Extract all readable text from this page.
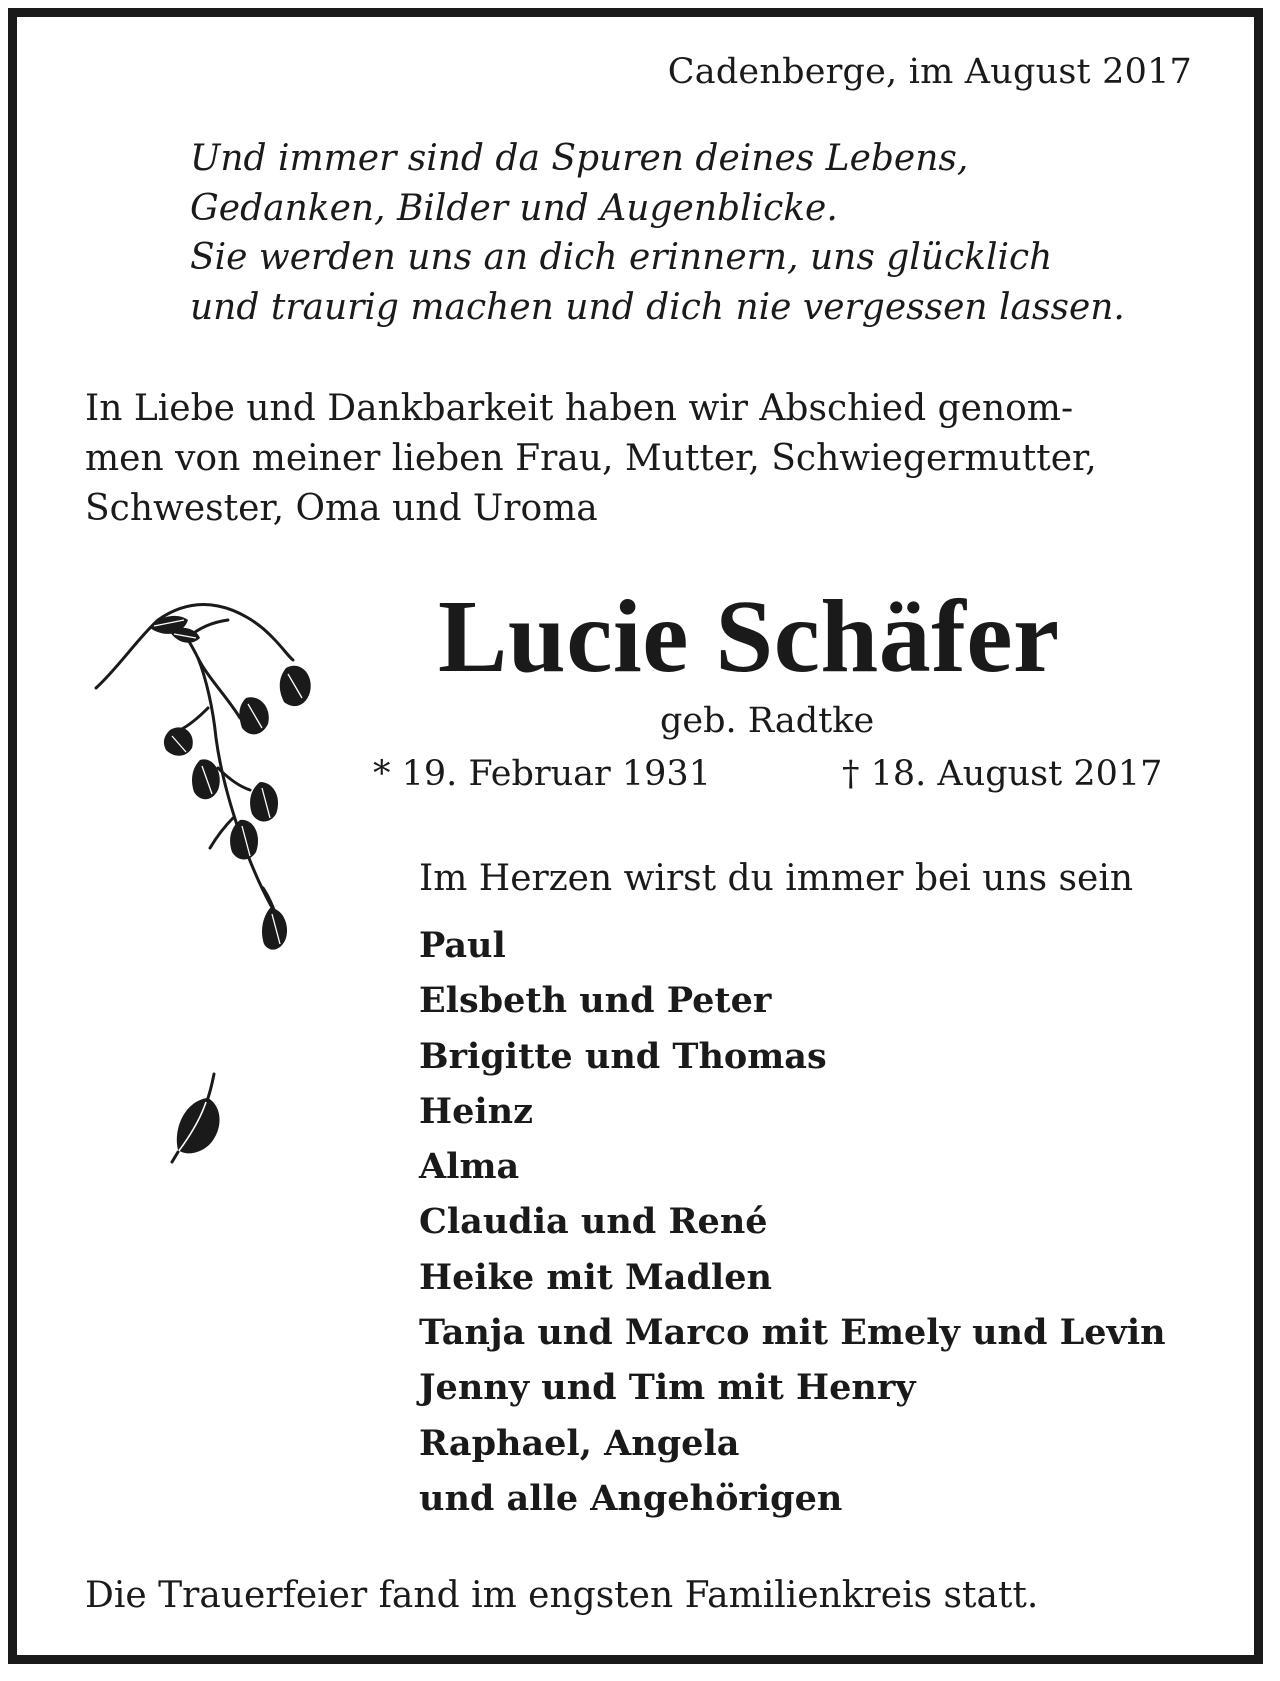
Cadenberge, im August 2017
Und immer sind da Spuren deines Lebens,
Gedanken, Bilder und Augenblicke.
Sie werden uns an dich erinnern, uns glücklich
und traurig machen und dich nie vergessen lassen.
In Liebe und Dankbarkeit haben wir Abschied genom-
men von meiner lieben Frau, Mutter, Schwiegermutter,
Schwester, Oma und Uroma
Lucie Schäfer
geb. Radtke
* 19. Februar 1931	† 18. August 2017
Im Herzen wirst du immer bei uns sein
Paul
Elsbeth und Peter
Brigitte und Thomas
Heinz
Alma
Claudia und René
Heike mit Madlen
Tanja und Marco mit Emely und Levin
Jenny und Tim mit Henry
Raphael, Angela
und alle Angehörigen
Die Trauerfeier fand im engsten Familienkreis statt.
